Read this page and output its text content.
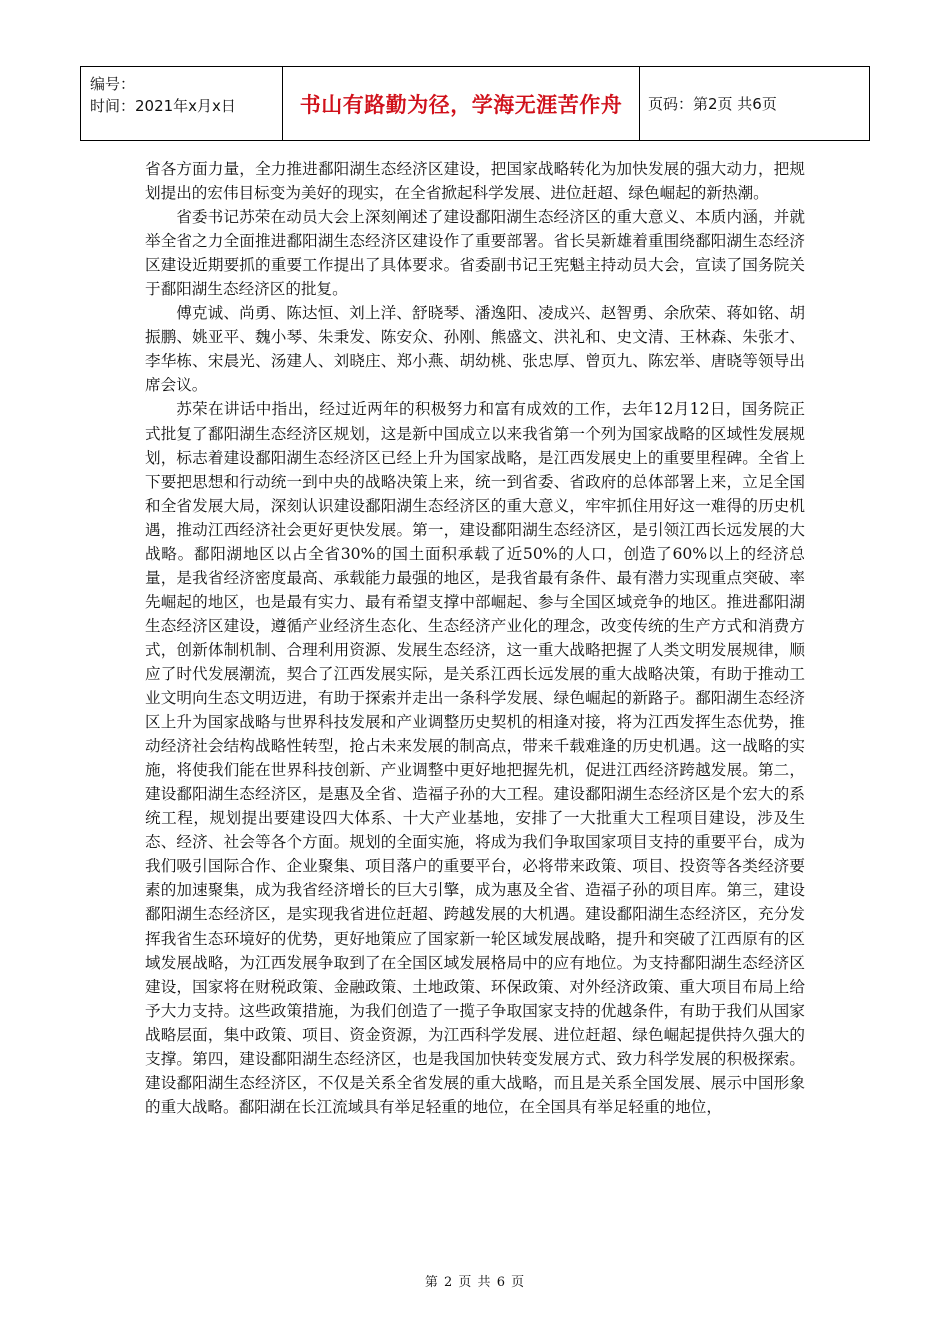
编号：
时间：2021年x月x日	书山有路勤为径，学海无涯苦作舟 页码：第2页 共6页

省各方面力量，全力推进鄱阳湖生态经济区建设，把国家战略转化为加快发展的强大动力，把规划提出的宏伟目标变为美好的现实，在全省掀起科学发展、进位赶超、绿色崛起的新热潮。

省委书记苏荣在动员大会上深刻阐述了建设鄱阳湖生态经济区的重大意义、本质内涵，并就举全省之力全面推进鄱阳湖生态经济区建设作了重要部署。省长吴新雄着重围绕鄱阳湖生态经济区建设近期要抓的重要工作提出了具体要求。省委副书记王宪魁主持动员大会，宣读了国务院关于鄱阳湖生态经济区的批复。

傅克诚、尚勇、陈达恒、刘上洋、舒晓琴、潘逸阳、凌成兴、赵智勇、余欣荣、蒋如铭、胡振鹏、姚亚平、魏小琴、朱秉发、陈安众、孙刚、熊盛文、洪礼和、史文清、王林森、朱张才、李华栋、宋晨光、汤建人、刘晓庄、郑小燕、胡幼桃、张忠厚、曾页九、陈宏举、唐晓等领导出席会议。

苏荣在讲话中指出，经过近两年的积极努力和富有成效的工作，去年12月12日，国务院正式批复了鄱阳湖生态经济区规划，这是新中国成立以来我省第一个列为国家战略的区域性发展规划，标志着建设鄱阳湖生态经济区已经上升为国家战略，是江西发展史上的重要里程碑。全省上下要把思想和行动统一到中央的战略决策上来，统一到省委、省政府的总体部署上来，立足全国和全省发展大局，深刻认识建设鄱阳湖生态经济区的重大意义，牢牢抓住用好这一难得的历史机遇，推动江西经济社会更好更快发展。第一，建设鄱阳湖生态经济区，是引领江西长远发展的大战略。鄱阳湖地区以占全省30%的国土面积承载了近50%的人口，创造了60%以上的经济总量，是我省经济密度最高、承载能力最强的地区，是我省最有条件、最有潜力实现重点突破、率先崛起的地区，也是最有实力、最有希望支撑中部崛起、参与全国区域竞争的地区。推进鄱阳湖生态经济区建设，遵循产业经济生态化、生态经济产业化的理念，改变传统的生产方式和消费方式，创新体制机制、合理利用资源、发展生态经济，这一重大战略把握了人类文明发展规律，顺应了时代发展潮流，契合了江西发展实际，是关系江西长远发展的重大战略决策，有助于推动工业文明向生态文明迈进，有助于探索并走出一条科学发展、绿色崛起的新路子。鄱阳湖生态经济区上升为国家战略与世界科技发展和产业调整历史契机的相逢对接，将为江西发挥生态优势，推动经济社会结构战略性转型，抢占未来发展的制高点，带来千载难逢的历史机遇。这一战略的实施，将使我们能在世界科技创新、产业调整中更好地把握先机，促进江西经济跨越发展。第二，建设鄱阳湖生态经济区，是惠及全省、造福子孙的大工程。建设鄱阳湖生态经济区是个宏大的系统工程，规划提出要建设四大体系、十大产业基地，安排了一大批重大工程项目建设，涉及生态、经济、社会等各个方面。规划的全面实施，将成为我们争取国家项目支持的重要平台，成为我们吸引国际合作、企业聚集、项目落户的重要平台，必将带来政策、项目、投资等各类经济要素的加速聚集，成为我省经济增长的巨大引擎，成为惠及全省、造福子孙的项目库。第三，建设鄱阳湖生态经济区，是实现我省进位赶超、跨越发展的大机遇。建设鄱阳湖生态经济区，充分发挥我省生态环境好的优势，更好地策应了国家新一轮区域发展战略，提升和突破了江西原有的区域发展战略，为江西发展争取到了在全国区域发展格局中的应有地位。为支持鄱阳湖生态经济区建设，国家将在财税政策、金融政策、土地政策、环保政策、对外经济政策、重大项目布局上给予大力支持。这些政策措施，为我们创造了一揽子争取国家支持的优越条件，有助于我们从国家战略层面，集中政策、项目、资金资源，为江西科学发展、进位赶超、绿色崛起提供持久强大的支撑。第四，建设鄱阳湖生态经济区，也是我国加快转变发展方式、致力科学发展的积极探索。建设鄱阳湖生态经济区，不仅是关系全省发展的重大战略，而且是关系全国发展、展示中国形象的重大战略。鄱阳湖在长江流域具有举足轻重的地位，在全国具有举足轻重的地位，

第 2 页 共 6 页
